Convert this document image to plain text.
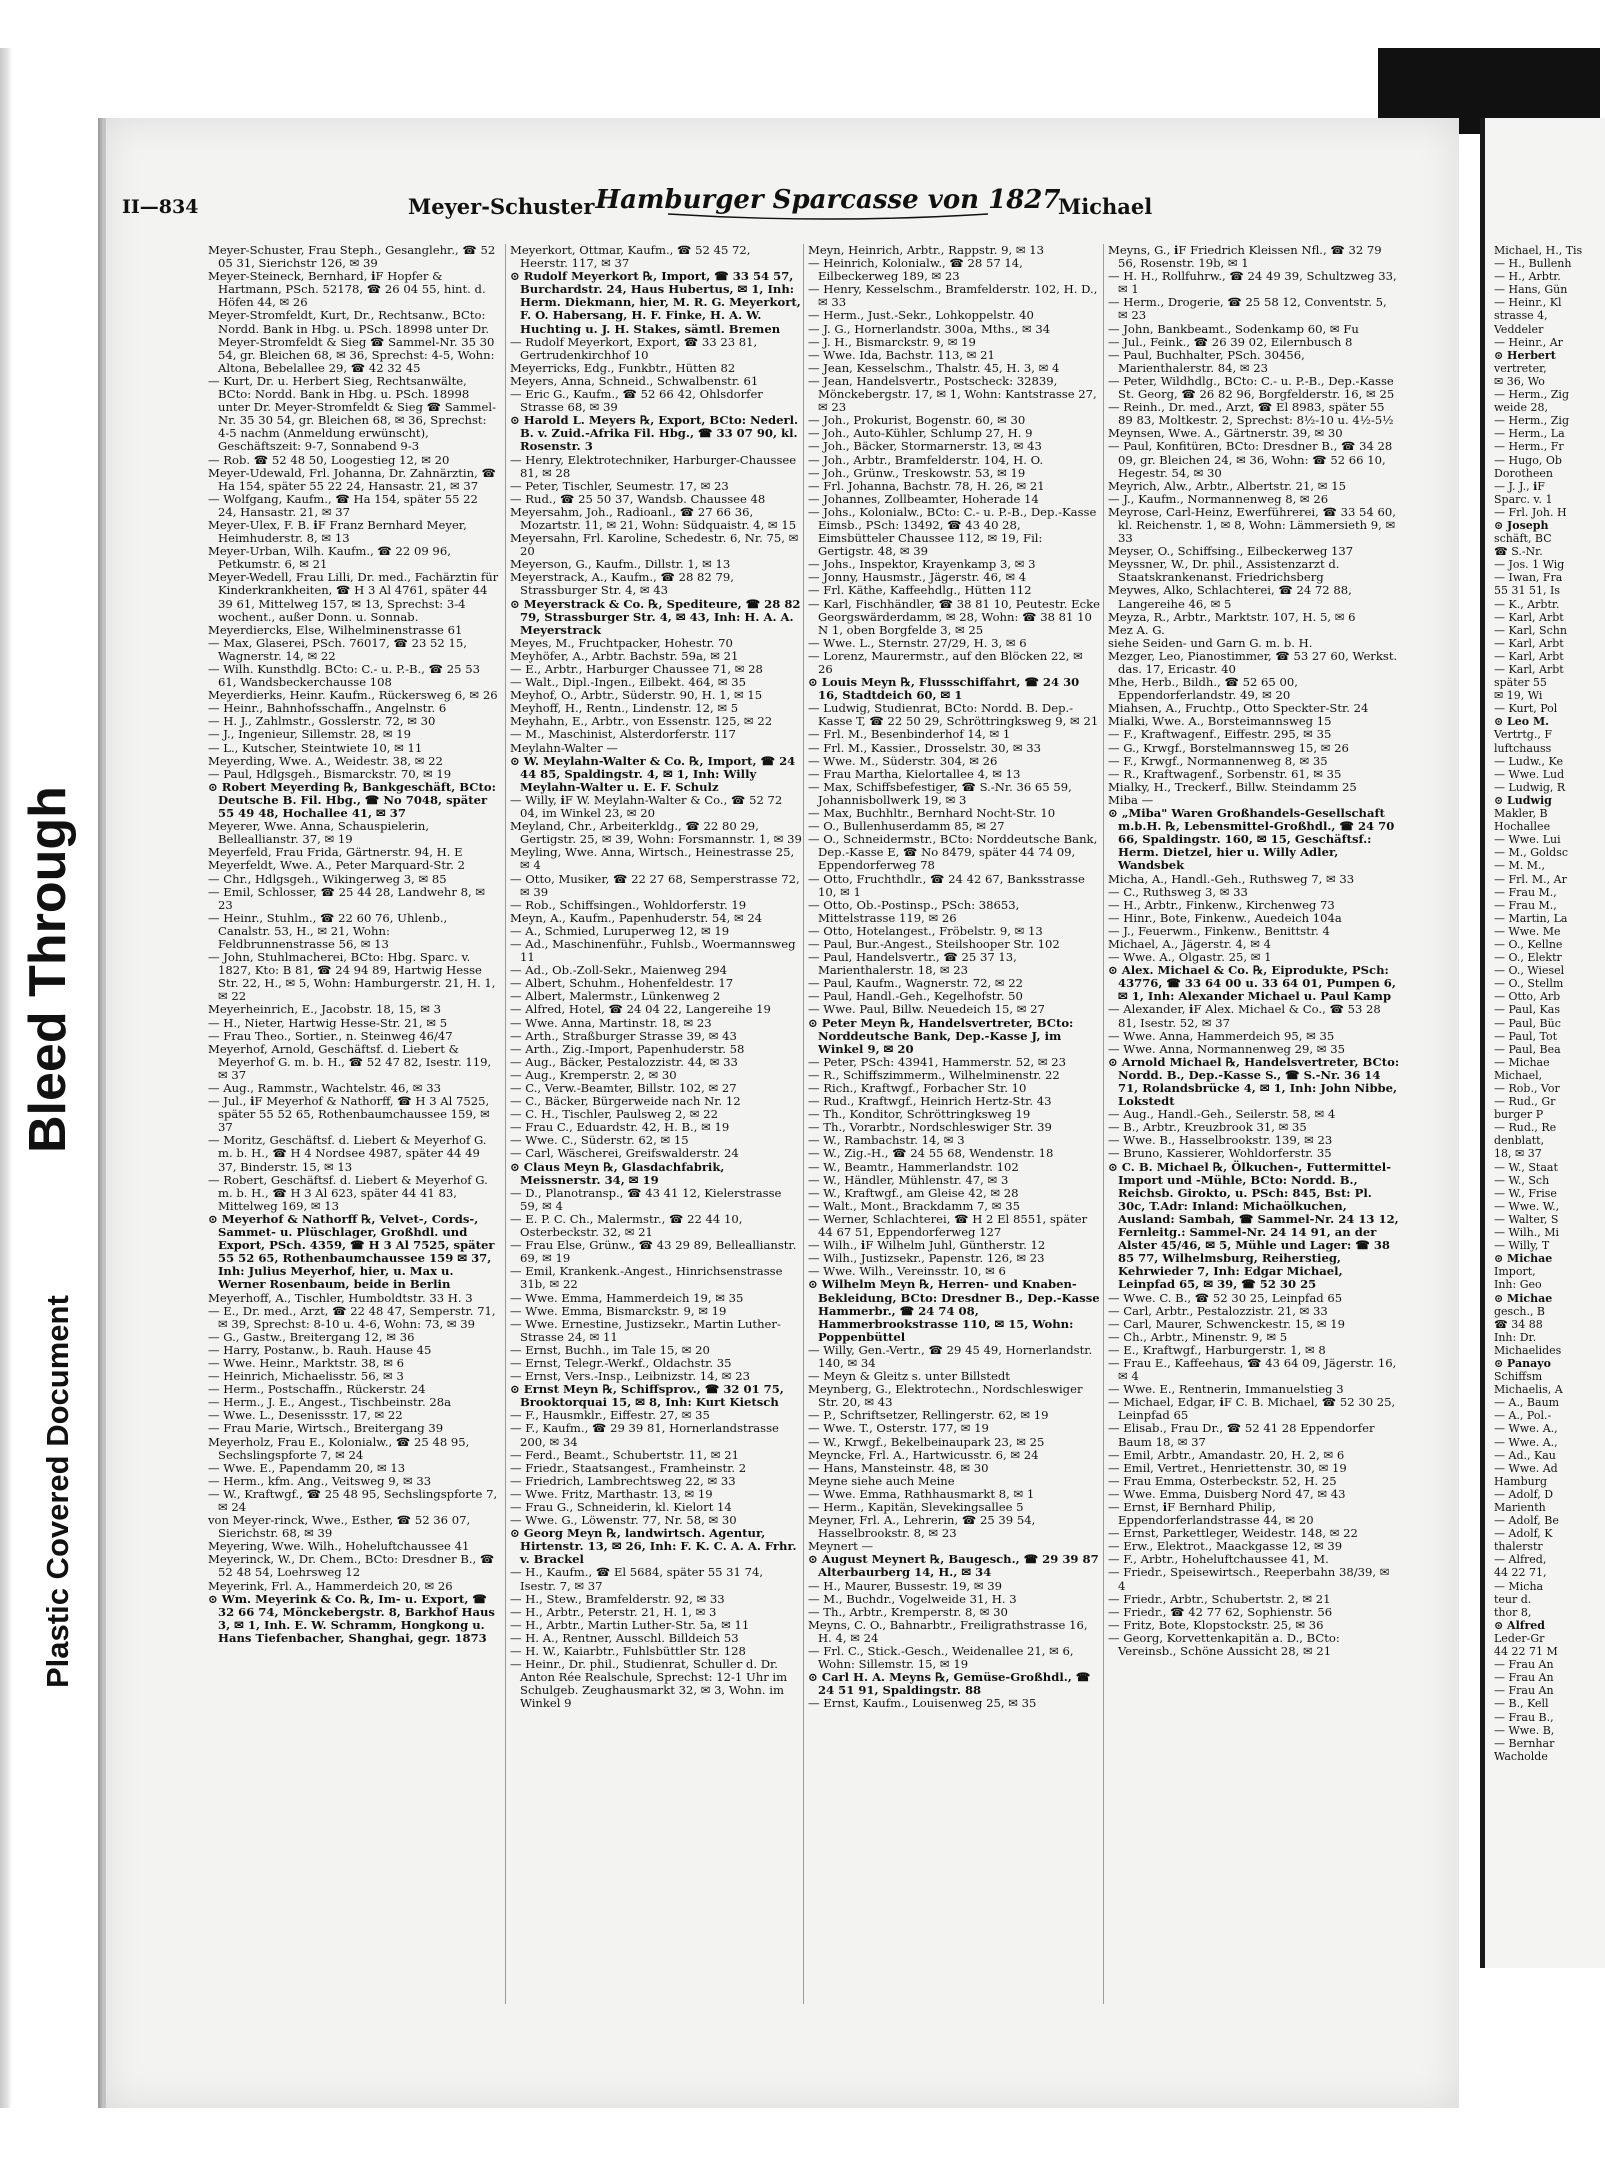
Bleed Through
Plastic Covered Document
II—834	Meyer-Schuster Hamburger Sparcasse von 1827
Michael

Meyer-Schuster, Frau Steph., Gesanglehr., ☎ 52 05 31, Sierichstr 126, ✉ 39

Meyer-Steineck, Bernhard, ℹF Hopfer & Hartmann, PSch. 52178, ☎ 26 04 55, hint. d. Höfen 44, ✉ 26

Meyer-Stromfeldt, Kurt, Dr., Rechtsanw., BCto: Nordd. Bank in Hbg. u. PSch. 18998 unter Dr. Meyer-Stromfeldt & Sieg ☎ Sammel-Nr. 35 30 54, gr. Bleichen 68, ✉ 36, Sprechst: 4-5, Wohn: Altona, Bebelallee 29, ☎ 42 32 45

— Kurt, Dr. u. Herbert Sieg, Rechtsanwälte, BCto: Nordd. Bank in Hbg. u. PSch. 18998 unter Dr. Meyer-Stromfeldt & Sieg ☎ Sammel-Nr. 35 30 54, gr. Bleichen 68, ✉ 36, Sprechst: 4-5 nachm (Anmeldung erwünscht), Geschäftszeit: 9-7, Sonnabend 9-3

— Rob. ☎ 52 48 50, Loogestieg 12, ✉ 20

Meyer-Udewald, Frl. Johanna, Dr. Zahnärztin, ☎ Ha 154, später 55 22 24, Hansastr. 21, ✉ 37

— Wolfgang, Kaufm., ☎ Ha 154, später 55 22 24, Hansastr. 21, ✉ 37

Meyer-Ulex, F. B. ℹF Franz Bernhard Meyer, Heimhuderstr. 8, ✉ 13

Meyer-Urban, Wilh. Kaufm., ☎ 22 09 96, Petkumstr. 6, ✉ 21

Meyer-Wedell, Frau Lilli, Dr. med., Fachärztin für Kinderkrankheiten, ☎ H 3 Al 4761, später 44 39 61, Mittelweg 157, ✉ 13, Sprechst: 3-4 wochent., außer Donn. u. Sonnab.

Meyerdiercks, Else, Wilhelminenstrasse 61

— Max, Glaserei, PSch. 76017, ☎ 23 52 15, Wagnerstr. 14, ✉ 22

— Wilh. Kunsthdlg. BCto: C.- u. P.-B., ☎ 25 53 61, Wandsbeckerchausse 108

Meyerdierks, Heinr. Kaufm., Rückersweg 6, ✉ 26

— Heinr., Bahnhofsschaffn., Angelnstr. 6

— H. J., Zahlmstr., Gosslerstr. 72, ✉ 30

— J., Ingenieur, Sillemstr. 28, ✉ 19

— L., Kutscher, Steintwiete 10, ✉ 11

Meyerding, Wwe. A., Weidestr. 38, ✉ 22

— Paul, Hdlgsgeh., Bismarckstr. 70, ✉ 19

⊙ Robert Meyerding ℞, Bankgeschäft, BCto: Deutsche B. Fil. Hbg., ☎ No 7048, später 55 49 48, Hochallee 41, ✉ 37

Meyerer, Wwe. Anna, Schauspielerin, Belleallianstr. 37, ✉ 19

Meyerfeld, Frau Frida, Gärtnerstr. 94, H. E

Meyerfeldt, Wwe. A., Peter Marquard-Str. 2

— Chr., Hdlgsgeh., Wikingerweg 3, ✉ 85

— Emil, Schlosser, ☎ 25 44 28, Landwehr 8, ✉ 23

— Heinr., Stuhlm., ☎ 22 60 76, Uhlenb., Canalstr. 53, H., ✉ 21, Wohn: Feldbrunnenstrasse 56, ✉ 13

— John, Stuhlmacherei, BCto: Hbg. Sparc. v. 1827, Kto: B 81, ☎ 24 94 89, Hartwig Hesse Str. 22, H., ✉ 5, Wohn: Hamburgerstr. 21, H. 1, ✉ 22

Meyerheinrich, E., Jacobstr. 18, 15, ✉ 3

— H., Nieter, Hartwig Hesse-Str. 21, ✉ 5

— Frau Theo., Sortier., n. Steinweg 46/47

Meyerhof, Arnold, Geschäftsf. d. Liebert & Meyerhof G. m. b. H., ☎ 52 47 82, Isestr. 119, ✉ 37

— Aug., Rammstr., Wachtelstr. 46, ✉ 33

— Jul., ℹF Meyerhof & Nathorff, ☎ H 3 Al 7525, später 55 52 65, Rothenbaumchaussee 159, ✉ 37

— Moritz, Geschäftsf. d. Liebert & Meyerhof G. m. b. H., ☎ H 4 Nordsee 4987, später 44 49 37, Binderstr. 15, ✉ 13

— Robert, Geschäftsf. d. Liebert & Meyerhof G. m. b. H., ☎ H 3 Al 623, später 44 41 83, Mittelweg 169, ✉ 13

⊙ Meyerhof & Nathorff ℞, Velvet-, Cords-, Sammet- u. Plüschlager, Großhdl. und Export, PSch. 4359, ☎ H 3 Al 7525, später 55 52 65, Rothenbaumchaussee 159 ✉ 37, Inh: Julius Meyerhof, hier, u. Max u. Werner Rosenbaum, beide in Berlin

Meyerhoff, A., Tischler, Humboldtstr. 33 H. 3

— E., Dr. med., Arzt, ☎ 22 48 47, Semperstr. 71, ✉ 39, Sprechst: 8-10 u. 4-6, Wohn: 73, ✉ 39

— G., Gastw., Breitergang 12, ✉ 36

— Harry, Postanw., b. Rauh. Hause 45

— Wwe. Heinr., Marktstr. 38, ✉ 6

— Heinrich, Michaelisstr. 56, ✉ 3

— Herm., Postschaffn., Rückerstr. 24

— Herm., J. E., Angest., Tischbeinstr. 28a

— Wwe. L., Desenissstr. 17, ✉ 22

— Frau Marie, Wirtsch., Breitergang 39

Meyerholz, Frau E., Kolonialw., ☎ 25 48 95, Sechslingspforte 7, ✉ 24

— Wwe. E., Papendamm 20, ✉ 13

— Herm., kfm. Ang., Veitsweg 9, ✉ 33

— W., Kraftwgf., ☎ 25 48 95, Sechslingspforte 7, ✉ 24

von Meyer-rinck, Wwe., Esther, ☎ 52 36 07, Sierichstr. 68, ✉ 39

Meyering, Wwe. Wilh., Hoheluftchaussee 41

Meyerinck, W., Dr. Chem., BCto: Dresdner B., ☎ 52 48 54, Loehrsweg 12

Meyerink, Frl. A., Hammerdeich 20, ✉ 26

⊙ Wm. Meyerink & Co. ℞, Im- u. Export, ☎ 32 66 74, Mönckebergstr. 8, Barkhof Haus 3, ✉ 1, Inh. E. W. Schramm, Hongkong u. Hans Tiefenbacher, Shanghai, gegr. 1873

Meyerkort, Ottmar, Kaufm., ☎ 52 45 72, Heerstr. 117, ✉ 37

⊙ Rudolf Meyerkort ℞, Import, ☎ 33 54 57, Burchardstr. 24, Haus Hubertus, ✉ 1, Inh: Herm. Diekmann, hier, M. R. G. Meyerkort, F. O. Habersang, H. F. Finke, H. A. W. Huchting u. J. H. Stakes, sämtl. Bremen

— Rudolf Meyerkort, Export, ☎ 33 23 81, Gertrudenkirchhof 10

Meyerricks, Edg., Funkbtr., Hütten 82

Meyers, Anna, Schneid., Schwalbenstr. 61

— Eric G., Kaufm., ☎ 52 66 42, Ohlsdorfer Strasse 68, ✉ 39

⊙ Harold L. Meyers ℞, Export, BCto: Nederl. B. v. Zuid.-Afrika Fil. Hbg., ☎ 33 07 90, kl. Rosenstr. 3

— Henry, Elektrotechniker, Harburger-Chaussee 81, ✉ 28

— Peter, Tischler, Seumestr. 17, ✉ 23

— Rud., ☎ 25 50 37, Wandsb. Chaussee 48

Meyersahm, Joh., Radioanl., ☎ 27 66 36, Mozartstr. 11, ✉ 21, Wohn: Südquaistr. 4, ✉ 15

Meyersahn, Frl. Karoline, Schedestr. 6, Nr. 75, ✉ 20

Meyerson, G., Kaufm., Dillstr. 1, ✉ 13

Meyerstrack, A., Kaufm., ☎ 28 82 79, Strassburger Str. 4, ✉ 43

⊙ Meyerstrack & Co. ℞, Spediteure, ☎ 28 82 79, Strassburger Str. 4, ✉ 43, Inh: H. A. A. Meyerstrack

Meyes, M., Fruchtpacker, Hohestr. 70

Meyhöfer, A., Arbtr. Bachstr. 59a, ✉ 21

— E., Arbtr., Harburger Chaussee 71, ✉ 28

— Walt., Dipl.-Ingen., Eilbekt. 464, ✉ 35

Meyhof, O., Arbtr., Süderstr. 90, H. 1, ✉ 15

Meyhoff, H., Rentn., Lindenstr. 12, ✉ 5

Meyhahn, E., Arbtr., von Essenstr. 125, ✉ 22

— M., Maschinist, Alsterdorferstr. 117

Meylahn-Walter —

⊙ W. Meylahn-Walter & Co. ℞, Import, ☎ 24 44 85, Spaldingstr. 4, ✉ 1, Inh: Willy Meylahn-Walter u. E. F. Schulz

— Willy, ℹF W. Meylahn-Walter & Co., ☎ 52 72 04, im Winkel 23, ✉ 20

Meyland, Chr., Arbeiterkldg., ☎ 22 80 29, Gertigstr. 25, ✉ 39, Wohn: Forsmannstr. 1, ✉ 39

Meyling, Wwe. Anna, Wirtsch., Heinestrasse 25, ✉ 4

— Otto, Musiker, ☎ 22 27 68, Semperstrasse 72, ✉ 39

— Rob., Schiffsingen., Wohldorferstr. 19

Meyn, A., Kaufm., Papenhuderstr. 54, ✉ 24

— A., Schmied, Luruperweg 12, ✉ 19

— Ad., Maschinenführ., Fuhlsb., Woermannsweg 11

— Ad., Ob.-Zoll-Sekr., Maienweg 294

— Albert, Schuhm., Hohenfeldestr. 17

— Albert, Malermstr., Lünkenweg 2

— Alfred, Hotel, ☎ 24 04 22, Langereihe 19

— Wwe. Anna, Martinstr. 18, ✉ 23

— Arth., Straßburger Strasse 39, ✉ 43

— Arth., Zig.-Import, Papenhuderstr. 58

— Aug., Bäcker, Pestalozzistr. 44, ✉ 33

— Aug., Kremperstr. 2, ✉ 30

— C., Verw.-Beamter, Billstr. 102, ✉ 27

— C., Bäcker, Bürgerweide nach Nr. 12

— C. H., Tischler, Paulsweg 2, ✉ 22

— Frau C., Eduardstr. 42, H. B., ✉ 19

— Wwe. C., Süderstr. 62, ✉ 15

— Carl, Wäscherei, Greifswalderstr. 24

⊙ Claus Meyn ℞, Glasdachfabrik, Meissnerstr. 34, ✉ 19

— D., Planotransp., ☎ 43 41 12, Kielerstrasse 59, ✉ 4

— E. P. C. Ch., Malermstr., ☎ 22 44 10, Osterbeckstr. 32, ✉ 21

— Frau Else, Grünw., ☎ 43 29 89, Belleallianstr. 69, ✉ 19

— Emil, Krankenk.-Angest., Hinrichsenstrasse 31b, ✉ 22

— Wwe. Emma, Hammerdeich 19, ✉ 35

— Wwe. Emma, Bismarckstr. 9, ✉ 19

— Wwe. Ernestine, Justizsekr., Martin Luther-Strasse 24, ✉ 11

— Ernst, Buchh., im Tale 15, ✉ 20

— Ernst, Telegr.-Werkf., Oldachstr. 35

— Ernst, Vers.-Insp., Leibnizstr. 14, ✉ 23

⊙ Ernst Meyn ℞, Schiffsprov., ☎ 32 01 75, Brooktorquai 15, ✉ 8, Inh: Kurt Kietsch

— F., Hausmklr., Eiffestr. 27, ✉ 35

— F., Kaufm., ☎ 29 39 81, Hornerlandstrasse 200, ✉ 34

— Ferd., Beamt., Schubertstr. 11, ✉ 21

— Friedr., Staatsangest., Framheinstr. 2

— Friedrich, Lambrechtsweg 22, ✉ 33

— Wwe. Fritz, Marthastr. 13, ✉ 19

— Frau G., Schneiderin, kl. Kielort 14

— Wwe. G., Löwenstr. 77, Nr. 58, ✉ 30

⊙ Georg Meyn ℞, landwirtsch. Agentur, Hirtenstr. 13, ✉ 26, Inh: F. K. C. A. A. Frhr. v. Brackel

— H., Kaufm., ☎ El 5684, später 55 31 74, Isestr. 7, ✉ 37

— H., Stew., Bramfelderstr. 92, ✉ 33

— H., Arbtr., Peterstr. 21, H. 1, ✉ 3

— H., Arbtr., Martin Luther-Str. 5a, ✉ 11

— H. A., Rentner, Ausschl. Billdeich 53

— H. W., Kaiarbtr., Fuhlsbüttler Str. 128

— Heinr., Dr. phil., Studienrat, Schuller d. Dr. Anton Rée Realschule, Sprechst: 12-1 Uhr im Schulgeb. Zeughausmarkt 32, ✉ 3, Wohn. im Winkel 9

Meyn, Heinrich, Arbtr., Rappstr. 9, ✉ 13

— Heinrich, Kolonialw., ☎ 28 57 14, Eilbeckerweg 189, ✉ 23

— Henry, Kesselschm., Bramfelderstr. 102, H. D., ✉ 33

— Herm., Just.-Sekr., Lohkoppelstr. 40

— J. G., Hornerlandstr. 300a, Mths., ✉ 34

— J. H., Bismarckstr. 9, ✉ 19

— Wwe. Ida, Bachstr. 113, ✉ 21

— Jean, Kesselschm., Thalstr. 45, H. 3, ✉ 4

— Jean, Handelsvertr., Postscheck: 32839, Mönckebergstr. 17, ✉ 1, Wohn: Kantstrasse 27, ✉ 23

— Joh., Prokurist, Bogenstr. 60, ✉ 30

— Joh., Auto-Kühler, Schlump 27, H. 9

— Joh., Bäcker, Stormarnerstr. 13, ✉ 43

— Joh., Arbtr., Bramfelderstr. 104, H. O.

— Joh., Grünw., Treskowstr. 53, ✉ 19

— Frl. Johanna, Bachstr. 78, H. 26, ✉ 21

— Johannes, Zollbeamter, Hoherade 14

— Johs., Kolonialw., BCto: C.- u. P.-B., Dep.-Kasse Eimsb., PSch: 13492, ☎ 43 40 28, Eimsbütteler Chaussee 112, ✉ 19, Fil: Gertigstr. 48, ✉ 39

— Johs., Inspektor, Krayenkamp 3, ✉ 3

— Jonny, Hausmstr., Jägerstr. 46, ✉ 4

— Frl. Käthe, Kaffeehdlg., Hütten 112

— Karl, Fischhändler, ☎ 38 81 10, Peutestr. Ecke Georgswärderdamm, ✉ 28, Wohn: ☎ 38 81 10 N 1, oben Borgfelde 3, ✉ 25

— Wwe. L., Sternstr. 27/29, H. 3, ✉ 6

— Lorenz, Maurermstr., auf den Blöcken 22, ✉ 26

⊙ Louis Meyn ℞, Flussschiffahrt, ☎ 24 30 16, Stadtdeich 60, ✉ 1

— Ludwig, Studienrat, BCto: Nordd. B. Dep.-Kasse T, ☎ 22 50 29, Schröttringksweg 9, ✉ 21

— Frl. M., Besenbinderhof 14, ✉ 1

— Frl. M., Kassier., Drosselstr. 30, ✉ 33

— Wwe. M., Süderstr. 304, ✉ 26

— Frau Martha, Kielortallee 4, ✉ 13

— Max, Schiffsbefestiger, ☎ S.-Nr. 36 65 59, Johannisbollwerk 19, ✉ 3

— Max, Buchhltr., Bernhard Nocht-Str. 10

— O., Bullenhuserdamm 85, ✉ 27

— O., Schneidermstr., BCto: Norddeutsche Bank, Dep.-Kasse E, ☎ No 8479, später 44 74 09, Eppendorferweg 78

— Otto, Fruchthdlr., ☎ 24 42 67, Banksstrasse 10, ✉ 1

— Otto, Ob.-Postinsp., PSch: 38653, Mittelstrasse 119, ✉ 26

— Otto, Hotelangest., Fröbelstr. 9, ✉ 13

— Paul, Bur.-Angest., Steilshooper Str. 102

— Paul, Handelsvertr., ☎ 25 37 13, Marienthalerstr. 18, ✉ 23

— Paul, Kaufm., Wagnerstr. 72, ✉ 22

— Paul, Handl.-Geh., Kegelhofstr. 50

— Wwe. Paul, Billw. Neuedeich 15, ✉ 27

⊙ Peter Meyn ℞, Handelsvertreter, BCto: Norddeutsche Bank, Dep.-Kasse J, im Winkel 9, ✉ 20

— Peter, PSch: 43941, Hammerstr. 52, ✉ 23

— R., Schiffszimmerm., Wilhelminenstr. 22

— Rich., Kraftwgf., Forbacher Str. 10

— Rud., Kraftwgf., Heinrich Hertz-Str. 43

— Th., Konditor, Schröttringksweg 19

— Th., Vorarbtr., Nordschleswiger Str. 39

— W., Rambachstr. 14, ✉ 3

— W., Zig.-H., ☎ 24 55 68, Wendenstr. 18

— W., Beamtr., Hammerlandstr. 102

— W., Händler, Mühlenstr. 47, ✉ 3

— W., Kraftwgf., am Gleise 42, ✉ 28

— Walt., Mont., Brackdamm 7, ✉ 35

— Werner, Schlachterei, ☎ H 2 El 8551, später 44 67 51, Eppendorferweg 127

— Wilh., ℹF Wilhelm Juhl, Güntherstr. 12

— Wilh., Justizsekr., Papenstr. 126, ✉ 23

— Wwe. Wilh., Vereinsstr. 10, ✉ 6

⊙ Wilhelm Meyn ℞, Herren- und Knaben-Bekleidung, BCto: Dresdner B., Dep.-Kasse Hammerbr., ☎ 24 74 08, Hammerbrookstrasse 110, ✉ 15, Wohn: Poppenbüttel

— Willy, Gen.-Vertr., ☎ 29 45 49, Hornerlandstr. 140, ✉ 34

— Meyn & Gleitz s. unter Billstedt

Meynberg, G., Elektrotechn., Nordschleswiger Str. 20, ✉ 43

— P., Schriftsetzer, Rellingerstr. 62, ✉ 19

— Wwe. T., Osterstr. 177, ✉ 19

— W., Krwgf., Bekelbeinaupark 23, ✉ 25

Meyncke, Frl. A., Hartwicusstr. 6, ✉ 24

— Hans, Mansteinstr. 48, ✉ 30

Meyne siehe auch Meine

— Wwe. Emma, Rathhausmarkt 8, ✉ 1

— Herm., Kapitän, Slevekingsallee 5

Meyner, Frl. A., Lehrerin, ☎ 25 39 54, Hasselbrookstr. 8, ✉ 23

Meynert —

⊙ August Meynert ℞, Baugesch., ☎ 29 39 87 Alterbaurberg 14, H., ✉ 34

— H., Maurer, Bussestr. 19, ✉ 39

— M., Buchdr., Vogelweide 31, H. 3

— Th., Arbtr., Kremperstr. 8, ✉ 30

Meyns, C. O., Bahnarbtr., Freiligrathstrasse 16, H. 4, ✉ 24

— Frl. C., Stick.-Gesch., Weidenallee 21, ✉ 6, Wohn: Sillemstr. 15, ✉ 19

⊙ Carl H. A. Meyns ℞, Gemüse-Großhdl., ☎ 24 51 91, Spaldingstr. 88

— Ernst, Kaufm., Louisenweg 25, ✉ 35

Meyns, G., ℹF Friedrich Kleissen Nfl., ☎ 32 79 56, Rosenstr. 19b, ✉ 1

— H. H., Rollfuhrw., ☎ 24 49 39, Schultzweg 33, ✉ 1

— Herm., Drogerie, ☎ 25 58 12, Conventstr. 5, ✉ 23

— John, Bankbeamt., Sodenkamp 60, ✉ Fu

— Jul., Feink., ☎ 26 39 02, Eilernbusch 8

— Paul, Buchhalter, PSch. 30456, Marienthalerstr. 84, ✉ 23

— Peter, Wildhdlg., BCto: C.- u. P.-B., Dep.-Kasse St. Georg, ☎ 26 82 96, Borgfelderstr. 16, ✉ 25

— Reinh., Dr. med., Arzt, ☎ El 8983, später 55 89 83, Moltkestr. 2, Sprechst: 8½-10 u. 4½-5½

Meynsen, Wwe. A., Gärtnerstr. 39, ✉ 30

— Paul, Konfitüren, BCto: Dresdner B., ☎ 34 28 09, gr. Bleichen 24, ✉ 36, Wohn: ☎ 52 66 10, Hegestr. 54, ✉ 30

Meyrich, Alw., Arbtr., Albertstr. 21, ✉ 15

— J., Kaufm., Normannenweg 8, ✉ 26

Meyrose, Carl-Heinz, Ewerführerei, ☎ 33 54 60, kl. Reichenstr. 1, ✉ 8, Wohn: Lämmersieth 9, ✉ 33

Meyser, O., Schiffsing., Eilbeckerweg 137

Meyssner, W., Dr. phil., Assistenzarzt d. Staatskrankenanst. Friedrichsberg

Meywes, Alko, Schlachterei, ☎ 24 72 88, Langereihe 46, ✉ 5

Meyza, R., Arbtr., Marktstr. 107, H. 5, ✉ 6

Mez A. G.

siehe Seiden- und Garn G. m. b. H.

Mezger, Leo, Pianostimmer, ☎ 53 27 60, Werkst. das. 17, Ericastr. 40

Mhe, Herb., Bildh., ☎ 52 65 00, Eppendorferlandstr. 49, ✉ 20

Miahsen, A., Fruchtp., Otto Speckter-Str. 24

Mialki, Wwe. A., Borsteimannsweg 15

— F., Kraftwagenf., Eiffestr. 295, ✉ 35

— G., Krwgf., Borstelmannsweg 15, ✉ 26

— F., Krwgf., Normannenweg 8, ✉ 35

— R., Kraftwagenf., Sorbenstr. 61, ✉ 35

Mialky, H., Treckerf., Billw. Steindamm 25

Miba —

⊙ „Miba" Waren Großhandels-Gesellschaft m.b.H. ℞, Lebensmittel-Großhdl., ☎ 24 70 66, Spaldingstr. 160, ✉ 15, Geschäftsf.: Herm. Dietzel, hier u. Willy Adler, Wandsbek

Micha, A., Handl.-Geh., Ruthsweg 7, ✉ 33

— C., Ruthsweg 3, ✉ 33

— H., Arbtr., Finkenw., Kirchenweg 73

— Hinr., Bote, Finkenw., Auedeich 104a

— J., Feuerwm., Finkenw., Benittstr. 4

Michael, A., Jägerstr. 4, ✉ 4

— Wwe. A., Olgastr. 25, ✉ 1

⊙ Alex. Michael & Co. ℞, Eiprodukte, PSch: 43776, ☎ 33 64 00 u. 33 64 01, Pumpen 6, ✉ 1, Inh: Alexander Michael u. Paul Kamp

— Alexander, ℹF Alex. Michael & Co., ☎ 53 28 81, Isestr. 52, ✉ 37

— Wwe. Anna, Hammerdeich 95, ✉ 35

— Wwe. Anna, Normannenweg 29, ✉ 35

⊙ Arnold Michael ℞, Handelsvertreter, BCto: Nordd. B., Dep.-Kasse S., ☎ S.-Nr. 36 14 71, Rolandsbrücke 4, ✉ 1, Inh: John Nibbe, Lokstedt

— Aug., Handl.-Geh., Seilerstr. 58, ✉ 4

— B., Arbtr., Kreuzbrook 31, ✉ 35

— Wwe. B., Hasselbrookstr. 139, ✉ 23

— Bruno, Kassierer, Wohldorferstr. 35

⊙ C. B. Michael ℞, Ölkuchen-, Futtermittel-Import und -Mühle, BCto: Nordd. B., Reichsb. Girokto, u. PSch: 845, Bst: Pl. 30c, T.Adr: Inland: Michaölkuchen, Ausland: Sambah, ☎ Sammel-Nr. 24 13 12, Fernleitg.: Sammel-Nr. 24 14 91, an der Alster 45/46, ✉ 5, Mühle und Lager: ☎ 38 85 77, Wilhelmsburg, Reiherstieg, Kehrwieder 7, Inh: Edgar Michael, Leinpfad 65, ✉ 39, ☎ 52 30 25

— Wwe. C. B., ☎ 52 30 25, Leinpfad 65

— Carl, Arbtr., Pestalozzistr. 21, ✉ 33

— Carl, Maurer, Schwenckestr. 15, ✉ 19

— Ch., Arbtr., Minenstr. 9, ✉ 5

— E., Kraftwgf., Harburgerstr. 1, ✉ 8

— Frau E., Kaffeehaus, ☎ 43 64 09, Jägerstr. 16, ✉ 4

— Wwe. E., Rentnerin, Immanuelstieg 3

— Michael, Edgar, ℹF C. B. Michael, ☎ 52 30 25, Leinpfad 65

— Elisab., Frau Dr., ☎ 52 41 28 Eppendorfer Baum 18, ✉ 37

— Emil, Arbtr., Amandastr. 20, H. 2, ✉ 6

— Emil, Vertret., Henriettenstr. 30, ✉ 19

— Frau Emma, Osterbeckstr. 52, H. 25

— Wwe. Emma, Duisberg Nord 47, ✉ 43

— Ernst, ℹF Bernhard Philip, Eppendorferlandstrasse 44, ✉ 20

— Ernst, Parkettleger, Weidestr. 148, ✉ 22

— Erw., Elektrot., Maackgasse 12, ✉ 39

— F., Arbtr., Hoheluftchaussee 41, M.

— Friedr., Speisewirtsch., Reeperbahn 38/39, ✉ 4

— Friedr., Arbtr., Schubertstr. 2, ✉ 21

— Friedr., ☎ 42 77 62, Sophienstr. 56

— Fritz, Bote, Klopstockstr. 25, ✉ 36

— Georg, Korvettenkapitän a. D., BCto: Vereinsb., Schöne Aussicht 28, ✉ 21

Michael, H., Tis

— H., Bullenh

— H., Arbtr.

— Hans, Gün

— Heinr., Kl

strasse 4,

Veddeler

— Heinr., Ar

⊙ Herbert

vertreter,

✉ 36, Wo

— Herm., Zig

weide 28,

— Herm., Zig

— Herm., La

— Herm., Fr

— Hugo, Ob

Dorotheen

— J. J., ℹF

Sparc. v. 1

— Frl. Joh. H

⊙ Joseph

schäft, BC

☎ S.-Nr.

— Jos. 1 Wig

— Iwan, Fra

55 31 51, Is

— K., Arbtr.

— Karl, Arbt

— Karl, Schn

— Karl, Arbt

— Karl, Arbt

— Karl, Arbt

später 55

✉ 19, Wi

— Kurt, Pol

⊙ Leo M.

Vertrtg., F

luftchauss

— Ludw., Ke

— Wwe. Lud

— Ludwig, R

⊙ Ludwig

Makler, B

Hochallee

— Wwe. Lui

— M., Goldsc

— M. M.,

— Frl. M., Ar

— Frau M.,

— Frau M.,

— Martin, La

— Wwe. Me

— O., Kellne

— O., Elektr

— O., Wiesel

— O., Stellm

— Otto, Arb

— Paul, Kas

— Paul, Büc

— Paul, Tot

— Paul, Bea

— Michae

Michael,

— Rob., Vor

— Rud., Gr

burger P

— Rud., Re

denblatt,

18, ✉ 37

— W., Staat

— W., Sch

— W., Frise

— Wwe. W.,

— Walter, S

— Wilh., Mi

— Willy, T

⊙ Michae

Import,

Inh: Geo

⊙ Michae

gesch., B

☎ 34 88

Inh: Dr.

Michaelides

⊙ Panayo

Schiffsm

Michaelis, A

— A., Baum

— A., Pol.-

— Wwe. A.,

— Wwe. A.,

— Ad., Kau

— Wwe. Ad

Hamburg

— Adolf, D

Marienth

— Adolf, Be

— Adolf, K

thalerstr

— Alfred,

44 22 71,

— Micha

teur d.

thor 8,

⊙ Alfred

Leder-Gr

44 22 71 M

— Frau An

— Frau An

— Frau An

— B., Kell

— Frau B.,

— Wwe. B,

— Bernhar

Wacholde
